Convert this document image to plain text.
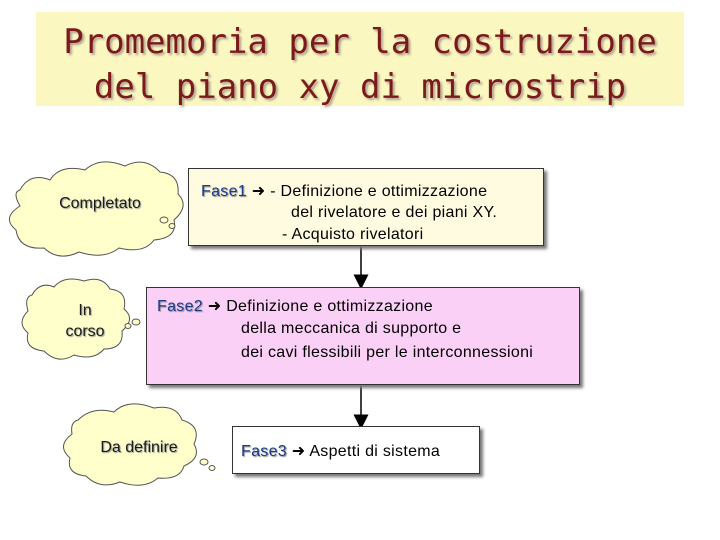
Promemoria per la costruzione
del piano xy di microstrip
Completato
In
corso
Da definire
Fase1 ➜ - Definizione e ottimizzazione
del rivelatore e dei piani XY.
- Acquisto rivelatori
Fase2 ➜ Definizione e ottimizzazione
della meccanica di supporto e
dei cavi flessibili per le interconnessioni
Fase3 ➜ Aspetti di sistema
